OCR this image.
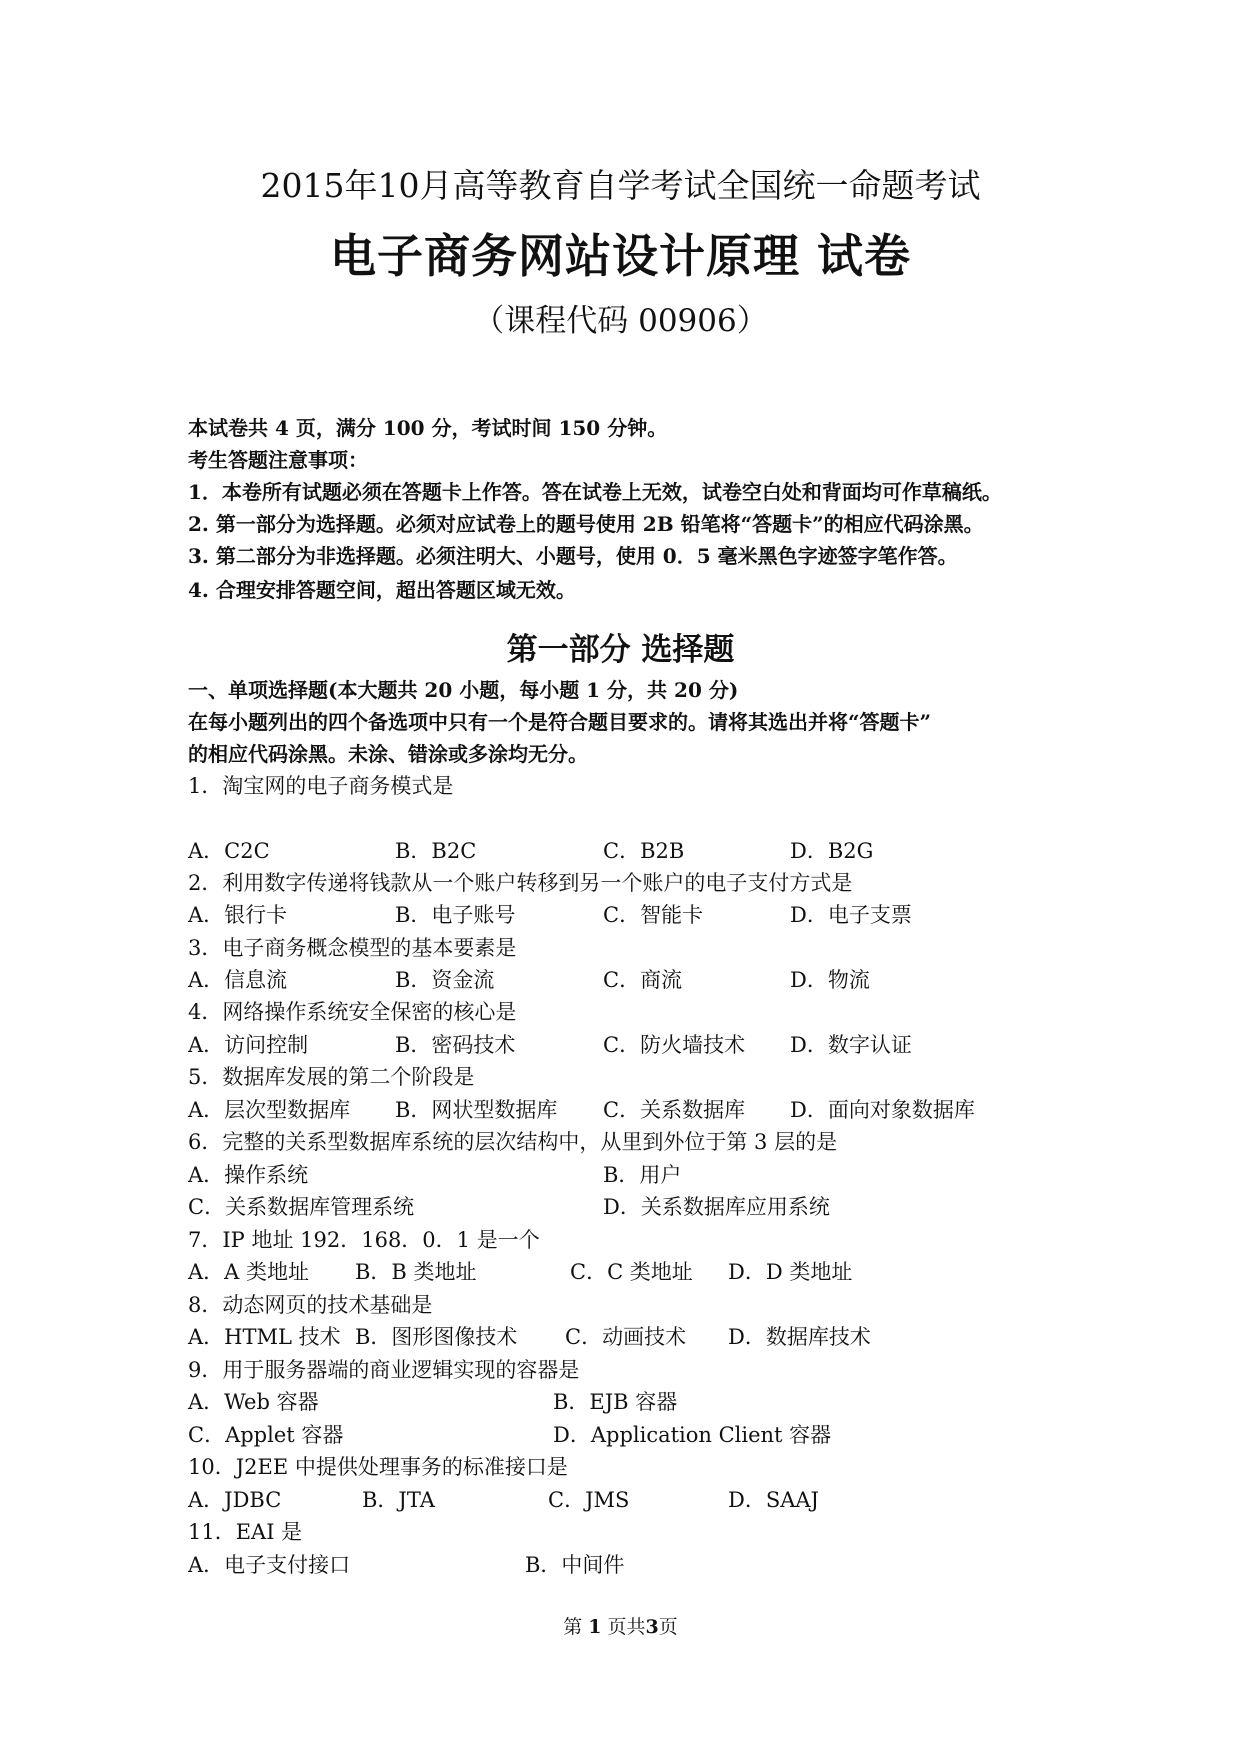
2015年10月高等教育自学考试全国统一命题考试
电子商务网站设计原理 试卷
（课程代码 00906）
本试卷共 4 页，满分 100 分，考试时间 150 分钟。
考生答题注意事项：
1．本卷所有试题必须在答题卡上作答。答在试卷上无效，试卷空白处和背面均可作草稿纸。
2. 第一部分为选择题。必须对应试卷上的题号使用 2B 铅笔将“答题卡”的相应代码涂黑。
3. 第二部分为非选择题。必须注明大、小题号，使用 0．5 毫米黑色字迹签字笔作答。
4. 合理安排答题空间，超出答题区域无效。
第一部分 选择题
一、单项选择题(本大题共 20 小题，每小题 1 分，共 20 分)
在每小题列出的四个备选项中只有一个是符合题目要求的。请将其选出并将“答题卡”
的相应代码涂黑。未涂、错涂或多涂均无分。
1．淘宝网的电子商务模式是
A．C2C	B．B2C	C．B2B	D．B2G
2．利用数字传递将钱款从一个账户转移到另一个账户的电子支付方式是
A．银行卡	B．电子账号	C．智能卡	D．电子支票
3．电子商务概念模型的基本要素是
A．信息流	B．资金流	C．商流	D．物流
4．网络操作系统安全保密的核心是
A．访问控制	B．密码技术	C．防火墙技术 D．数字认证
5．数据库发展的第二个阶段是
A．层次型数据库 B．网状型数据库 C．关系数据库 D．面向对象数据库
6．完整的关系型数据库系统的层次结构中，从里到外位于第 3 层的是
A．操作系统	B．用户
C．关系数据库管理系统	D．关系数据库应用系统
7．IP 地址 192．168．0．1 是一个
A．A 类地址 B．B 类地址	C．C 类地址 D．D 类地址
8．动态网页的技术基础是
A．HTML 技术 B．图形图像技术 C．动画技术 D．数据库技术
9．用于服务器端的商业逻辑实现的容器是
A．Web 容器	B．EJB 容器
C．Applet 容器	D．Application Client 容器
10．J2EE 中提供处理事务的标准接口是
A．JDBC	B．JTA	C．JMS	D．SAAJ
11．EAI 是
A．电子支付接口	B．中间件
第 1 页共3页
